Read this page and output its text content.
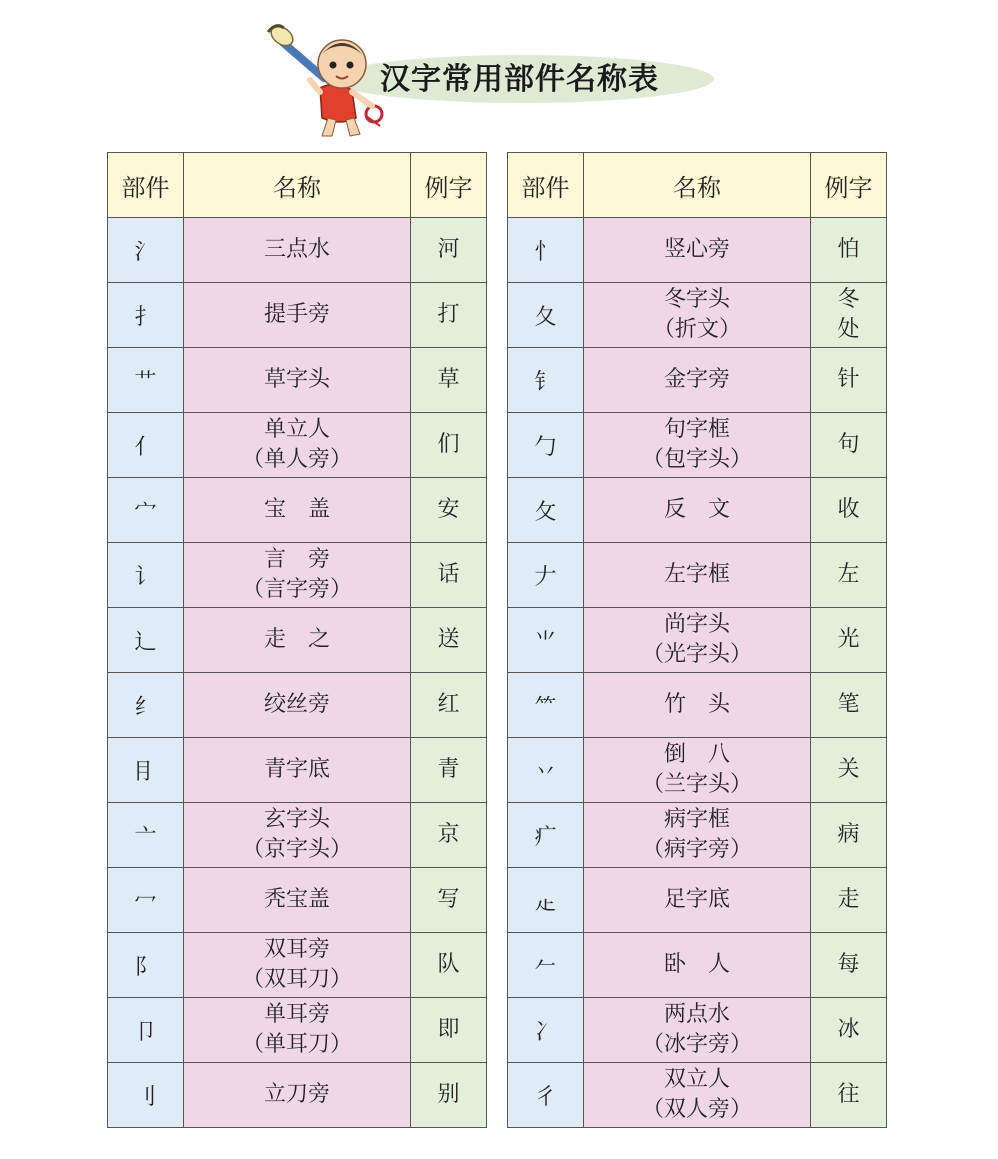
汉字常用部件名称表
部件	名称	例字
氵	三点水	河

扌	提手旁	打

艹	草字头	草

亻	单立人
（单人旁）	们

宀	宝　盖	安

讠	言　旁
（言字旁）	话

辶	走　之	送

纟	绞丝旁	红

⺝	青字底	青

亠	玄字头
（京字头）	京

冖	秃宝盖	写

阝	双耳旁
（双耳刀）	队

卩	单耳旁
（单耳刀）	即

刂	立刀旁	别
部件	名称	例字
忄	竖心旁	怕

夂	冬字头
（折文）	冬
处

钅	金字旁	针

勹	句字框
（包字头）	句

攵	反　文	收

𠂇	左字框	左

⺌	尚字头
（光字头）	光

⺮	竹　头	笔

丷	倒　八
（兰字头）	关

疒	病字框
（病字旁）	病

龰	足字底	走

𠂉	卧　人	每

冫	两点水
（冰字旁）	冰

彳	双立人
（双人旁）	往
